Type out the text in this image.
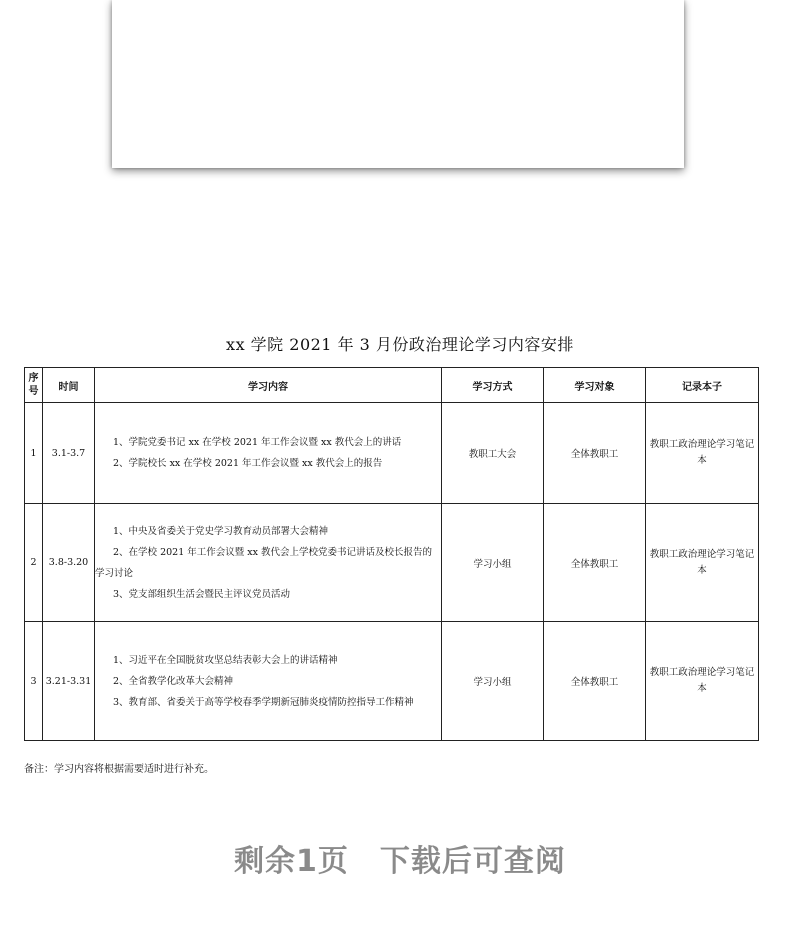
xx 学院 2021 年 3 月份政治理论学习内容安排
序
号	时间	学习内容	学习方式	学习对象	记录本子
1	3.1-3.7	1、学院党委书记 xx 在学校 2021 年工作会议暨 xx 教代会上的讲话
2、学院校长 xx 在学校 2021 年工作会议暨 xx 教代会上的报告	教职工大会	全体教职工	教职工政治理论学习笔记本
2	3.8-3.20	1、中央及省委关于党史学习教育动员部署大会精神
2、在学校 2021 年工作会议暨 xx 教代会上学校党委书记讲话及校长报告的学习讨论
3、党支部组织生活会暨民主评议党员活动	学习小组	全体教职工	教职工政治理论学习笔记本
3	3.21-3.31	1、习近平在全国脱贫攻坚总结表彰大会上的讲话精神
2、全省教学化改革大会精神
3、教育部、省委关于高等学校春季学期新冠肺炎疫情防控指导工作精神	学习小组	全体教职工	教职工政治理论学习笔记本
备注：学习内容将根据需要适时进行补充。
剩余1页　下载后可查阅
